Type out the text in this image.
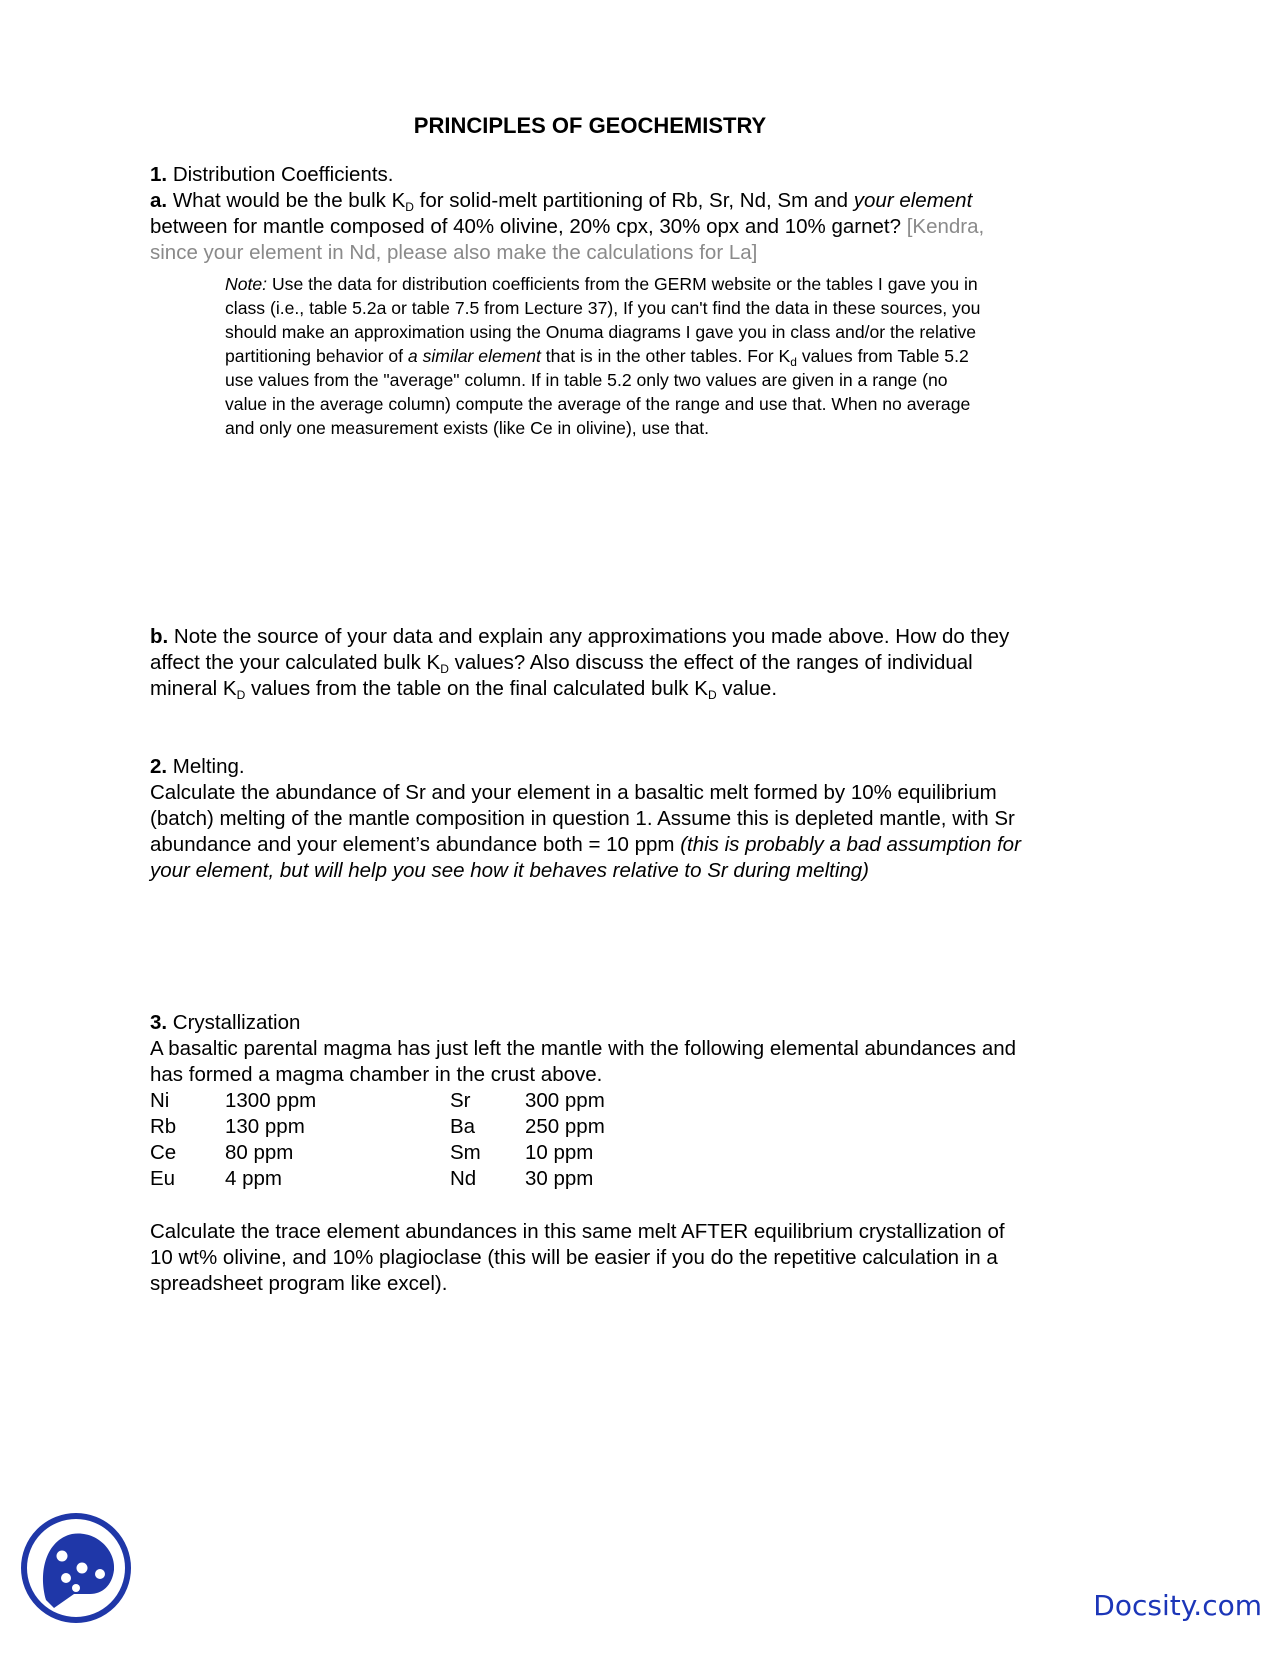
PRINCIPLES OF GEOCHEMISTRY
1. Distribution Coefficients.
a. What would be the bulk $K_D$ for solid-melt partitioning of Rb, Sr, Nd, Sm and your element
between for mantle composed of 40% olivine, 20% cpx, 30% opx and 10% garnet? [Kendra,
since your element in Nd, please also make the calculations for La]
Note: Use the data for distribution coefficients from the GERM website or the tables I gave you in
class (i.e., table 5.2a or table 7.5 from Lecture 37), If you can't find the data in these sources, you
should make an approximation using the Onuma diagrams I gave you in class and/or the relative
partitioning behavior of a similar element that is in the other tables. For $K_d$ values from Table 5.2
use values from the "average" column. If in table 5.2 only two values are given in a range (no
value in the average column) compute the average of the range and use that. When no average
and only one measurement exists (like Ce in olivine), use that.
b. Note the source of your data and explain any approximations you made above. How do they
affect the your calculated bulk $K_D$ values? Also discuss the effect of the ranges of individual
mineral $K_D$ values from the table on the final calculated bulk $K_D$ value.
2. Melting.
Calculate the abundance of Sr and your element in a basaltic melt formed by 10% equilibrium
(batch) melting of the mantle composition in question 1. Assume this is depleted mantle, with Sr
abundance and your element’s abundance both = 10 ppm (this is probably a bad assumption for
your element, but will help you see how it behaves relative to Sr during melting)
3. Crystallization
A basaltic parental magma has just left the mantle with the following elemental abundances and
has formed a magma chamber in the crust above.
Ni	1300 ppm	Sr	300 ppm
Rb 130 ppm	Ba 250 ppm
Ce 80 ppm	Sm 10 ppm
Eu 4 ppm	Nd 30 ppm
Calculate the trace element abundances in this same melt AFTER equilibrium crystallization of
10 wt% olivine, and 10% plagioclase (this will be easier if you do the repetitive calculation in a
spreadsheet program like excel).
Docsity.com
